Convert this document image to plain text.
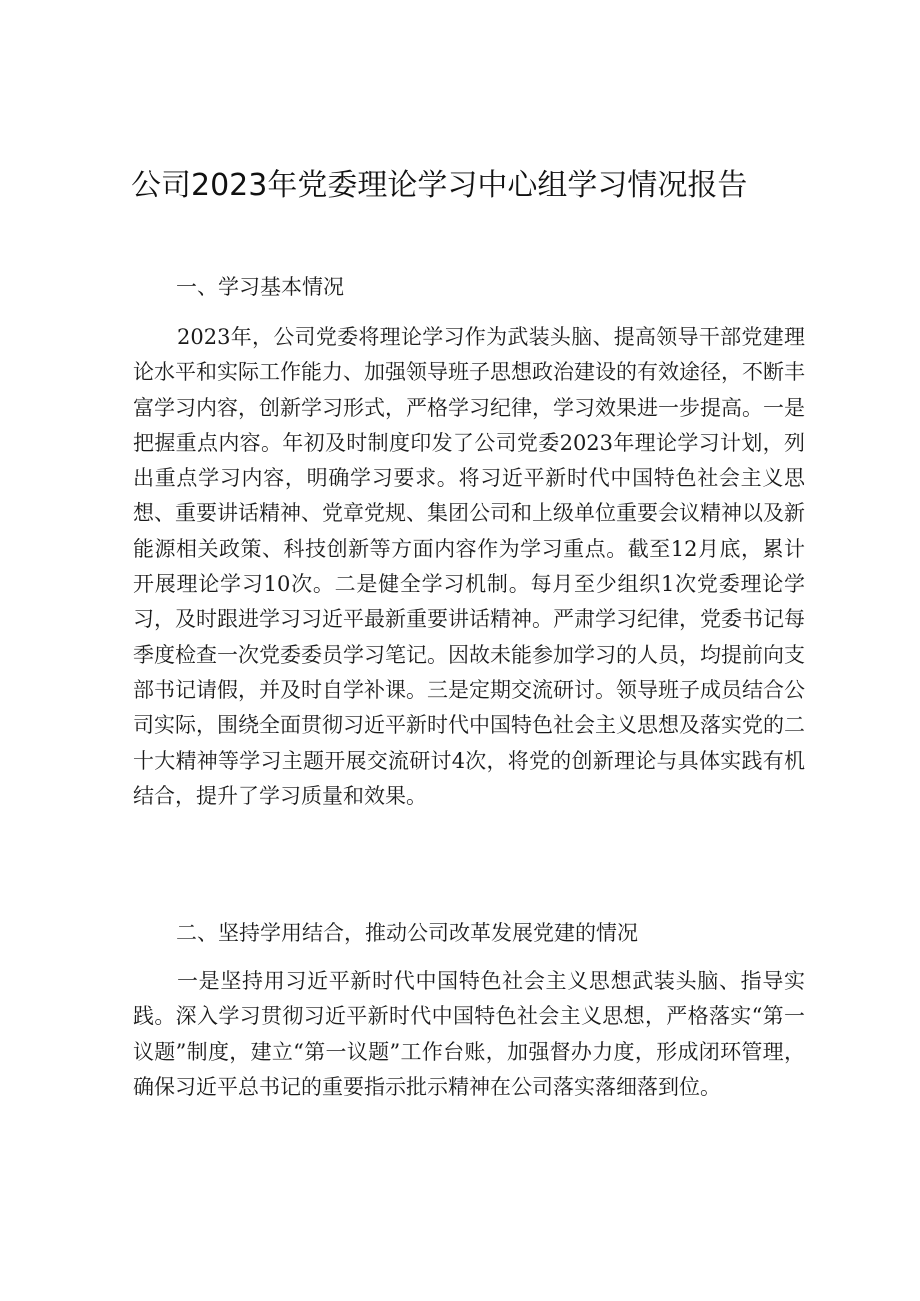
公司2023年党委理论学习中心组学习情况报告
一、学习基本情况

2023年，公司党委将理论学习作为武装头脑、提高领导干部党建理论水平和实际工作能力、加强领导班子思想政治建设的有效途径，不断丰富学习内容，创新学习形式，严格学习纪律，学习效果进一步提高。一是把握重点内容。年初及时制度印发了公司党委2023年理论学习计划，列出重点学习内容，明确学习要求。将习近平新时代中国特色社会主义思想、重要讲话精神、党章党规、集团公司和上级单位重要会议精神以及新能源相关政策、科技创新等方面内容作为学习重点。截至12月底，累计开展理论学习10次。二是健全学习机制。每月至少组织1次党委理论学习，及时跟进学习习近平最新重要讲话精神。严肃学习纪律，党委书记每季度检查一次党委委员学习笔记。因故未能参加学习的人员，均提前向支部书记请假，并及时自学补课。三是定期交流研讨。领导班子成员结合公司实际，围绕全面贯彻习近平新时代中国特色社会主义思想及落实党的二十大精神等学习主题开展交流研讨4次，将党的创新理论与具体实践有机结合，提升了学习质量和效果。

二、坚持学用结合，推动公司改革发展党建的情况

一是坚持用习近平新时代中国特色社会主义思想武装头脑、指导实践。深入学习贯彻习近平新时代中国特色社会主义思想，严格落实“第一议题”制度，建立“第一议题”工作台账，加强督办力度，形成闭环管理，确保习近平总书记的重要指示批示精神在公司落实落细落到位。
